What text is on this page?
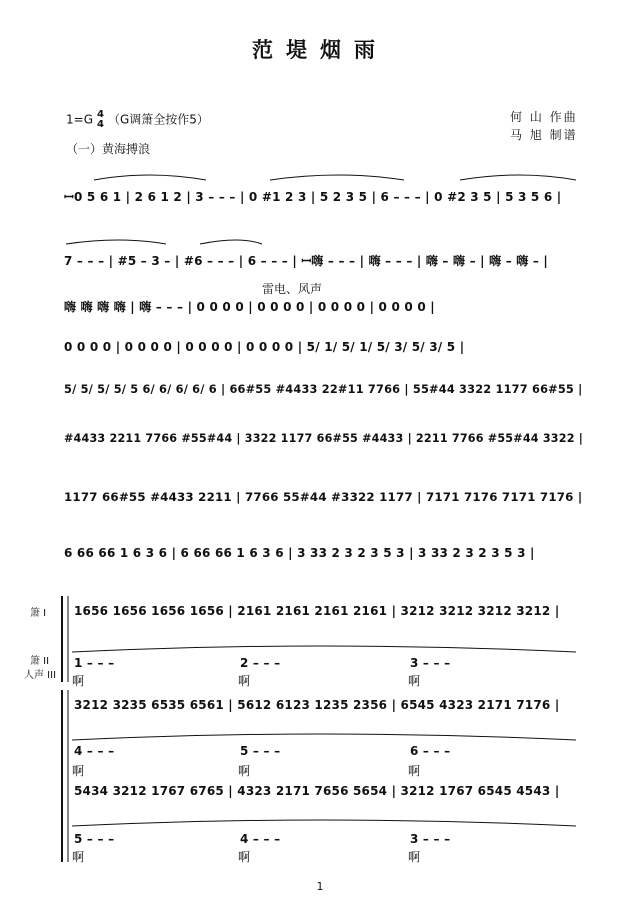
范堤烟雨
1=G 4
4 （G调箫全按作5）	何 山 作曲
马 旭 制谱
（一）黄海搏浪
雷电、风声
ꟷ0 5 6 1 | 2 6 1 2 | 3 – – – | 0 #1 2 3 | 5 2 3 5 | 6 – – – | 0 #2 3 5 | 5 3 5 6 |
7 – – – | #5 – 3 – | #6 – – – | 6 – – – | ꟷ嗨 – – – | 嗨 – – – | 嗨 – 嗨 – | 嗨 – 嗨 – |
嗨 嗨 嗨 嗨 | 嗨 – – – | 0 0 0 0 | 0 0 0 0 | 0 0 0 0 | 0 0 0 0 |
0 0 0 0 | 0 0 0 0 | 0 0 0 0 | 0 0 0 0 | 5/ 1/ 5/ 1/ 5/ 3/ 5/ 3/ 5 |
5/ 5/ 5/ 5/ 5 6/ 6/ 6/ 6/ 6 | 66#55 #4433 22#11 7766 | 55#44 3322 1177 66#55 |
#4433 2211 7766 #55#44 | 3322 1177 66#55 #4433 | 2211 7766 #55#44 3322 |
1177 66#55 #4433 2211 | 7766 55#44 #3322 1177 | 7171 7176 7171 7176 |
6 66 66 1 6 3 6 | 6 66 66 1 6 3 6 | 3 33 2 3 2 3 5 3 | 3 33 2 3 2 3 5 3 |
箫 I
箫 II
人声 III
1656 1656 1656 1656 | 2161 2161 2161 2161 | 3212 3212 3212 3212 |
1 – – –	2 – – –	3 – – –
啊	啊	啊
3212 3235 6535 6561 | 5612 6123 1235 2356 | 6545 4323 2171 7176 |
4 – – –	5 – – –	6 – – –
啊	啊	啊
5434 3212 1767 6765 | 4323 2171 7656 5654 | 3212 1767 6545 4543 |
5 – – –	4 – – –	3 – – –
啊	啊	啊
1
